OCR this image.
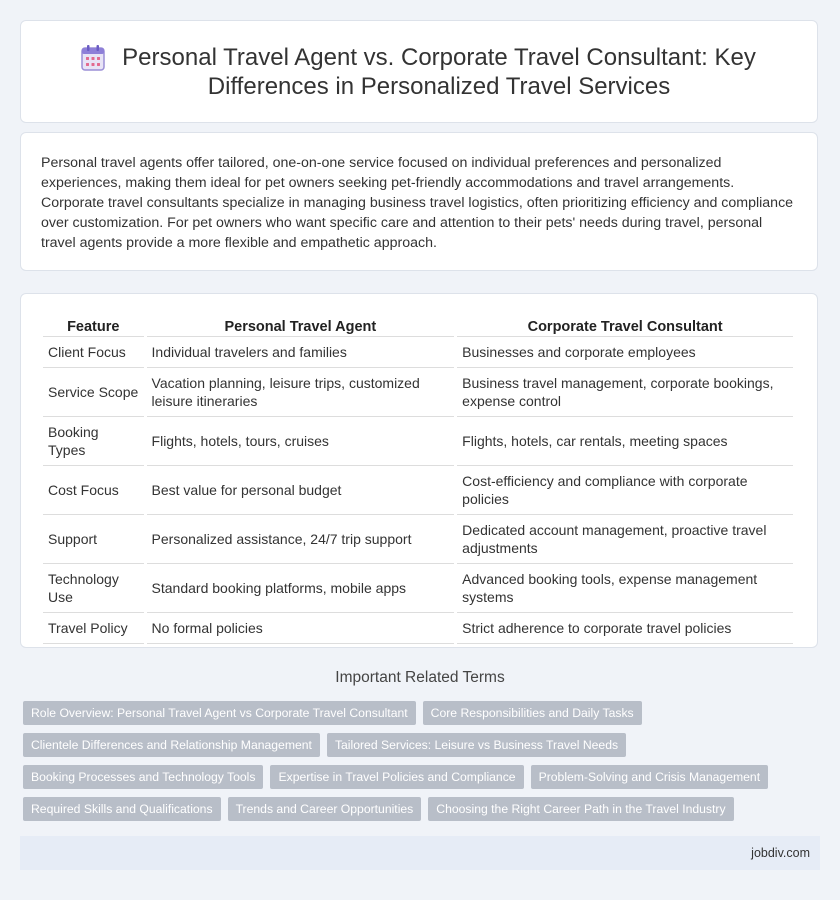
Personal Travel Agent vs. Corporate Travel Consultant: Key Differences in Personalized Travel Services

Personal travel agents offer tailored, one-on-one service focused on individual preferences and personalized experiences, making them ideal for pet owners seeking pet-friendly accommodations and travel arrangements. Corporate travel consultants specialize in managing business travel logistics, often prioritizing efficiency and compliance over customization. For pet owners who want specific care and attention to their pets' needs during travel, personal travel agents provide a more flexible and empathetic approach.

Feature	Personal Travel Agent	Corporate Travel Consultant
Client Focus	Individual travelers and families	Businesses and corporate employees
Service Scope	Vacation planning, leisure trips, customized leisure itineraries	Business travel management, corporate bookings, expense control
Booking Types	Flights, hotels, tours, cruises	Flights, hotels, car rentals, meeting spaces
Cost Focus	Best value for personal budget	Cost-efficiency and compliance with corporate policies
Support	Personalized assistance, 24/7 trip support	Dedicated account management, proactive travel adjustments
Technology Use	Standard booking platforms, mobile apps	Advanced booking tools, expense management systems
Travel Policy	No formal policies	Strict adherence to corporate travel policies
Important Related Terms
Role Overview: Personal Travel Agent vs Corporate Travel Consultant	Core Responsibilities and Daily Tasks
Clientele Differences and Relationship Management	Tailored Services: Leisure vs Business Travel Needs
Booking Processes and Technology Tools	Expertise in Travel Policies and Compliance	Problem-Solving and Crisis Management
Required Skills and Qualifications	Trends and Career Opportunities	Choosing the Right Career Path in the Travel Industry
jobdiv.com
